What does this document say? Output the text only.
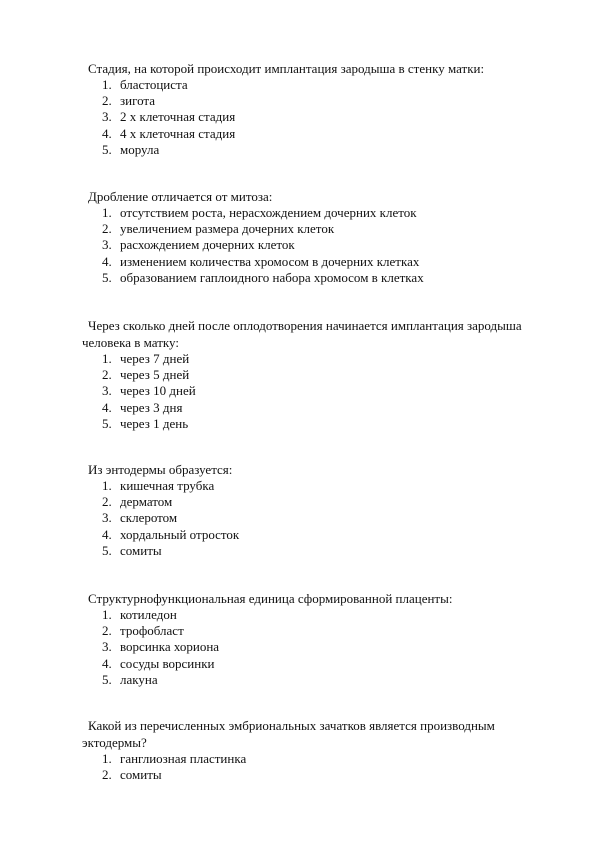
Стадия, на которой происходит имплантация зародыша в стенку матки:

1. бластоциста
2. зигота
3. 2 х клеточная стадия
4. 4 х клеточная стадия
5. морула

Дробление отличается от митоза:

1. отсутствием роста, нерасхождением дочерних клеток
2. увеличением размера дочерних клеток
3. расхождением дочерних клеток
4. изменением количества хромосом в дочерних клетках
5. образованием гаплоидного набора хромосом в клетках

Через сколько дней после оплодотворения начинается имплантация зародыша человека в матку:

1. через 7 дней
2. через 5 дней
3. через 10 дней
4. через 3 дня
5. через 1 день

Из энтодермы образуется:

1. кишечная трубка
2. дерматом
3. склеротом
4. хордальный отросток
5. сомиты

Структурнофункциональная единица сформированной плаценты:

1. котиледон
2. трофобласт
3. ворсинка хориона
4. сосуды ворсинки
5. лакуна

Какой из перечисленных эмбриональных зачатков является производным эктодермы?

1. ганглиозная пластинка
2. сомиты
